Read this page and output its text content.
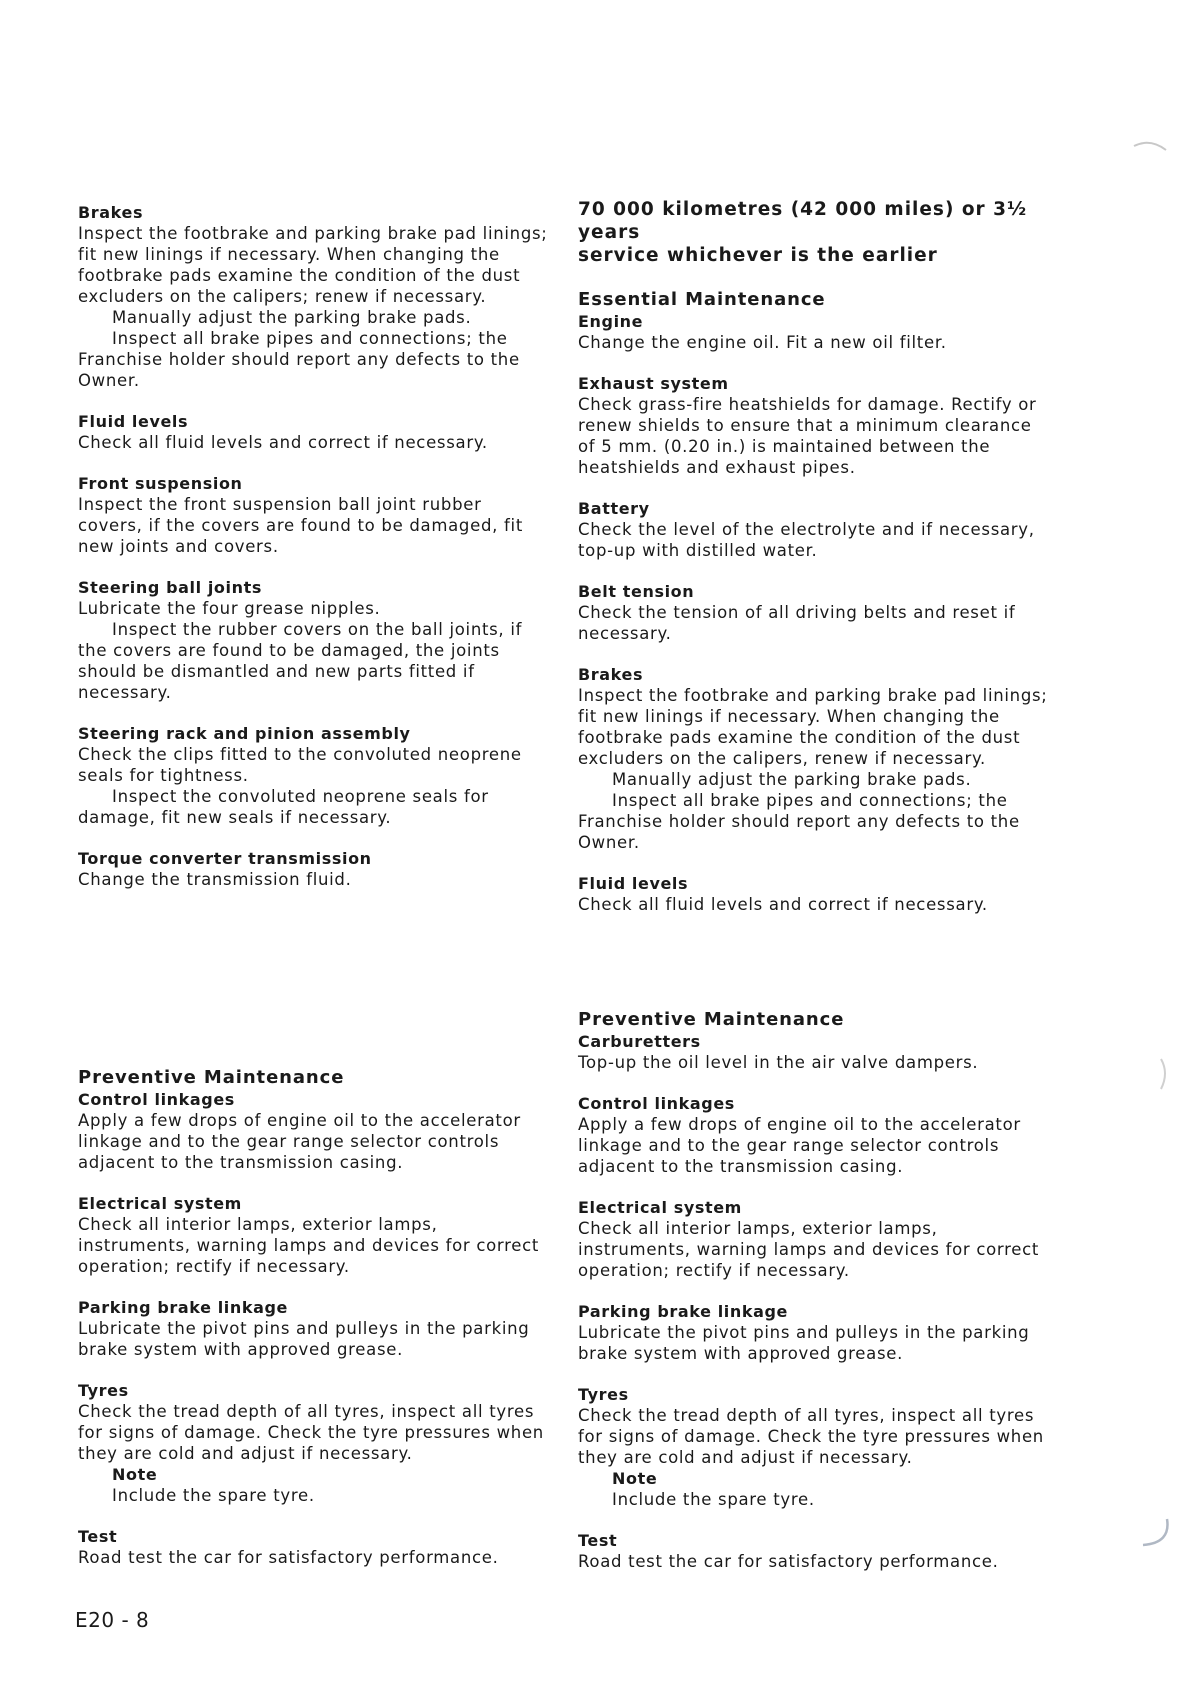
Brakes

Inspect the footbrake and parking brake pad linings; fit new linings if necessary. When changing the footbrake pads examine the condition of the dust excluders on the calipers; renew if necessary.

Manually adjust the parking brake pads.

Inspect all brake pipes and connections; the Franchise holder should report any defects to the Owner.

Fluid levels

Check all fluid levels and correct if necessary.

Front suspension

Inspect the front suspension ball joint rubber covers, if the covers are found to be damaged, fit new joints and covers.

Steering ball joints

Lubricate the four grease nipples.

Inspect the rubber covers on the ball joints, if the covers are found to be damaged, the joints should be dismantled and new parts fitted if necessary.

Steering rack and pinion assembly

Check the clips fitted to the convoluted neoprene seals for tightness.

Inspect the convoluted neoprene seals for damage, fit new seals if necessary.

Torque converter transmission

Change the transmission fluid.

Preventive Maintenance

Control linkages

Apply a few drops of engine oil to the accelerator linkage and to the gear range selector controls adjacent to the transmission casing.

Electrical system

Check all interior lamps, exterior lamps, instruments, warning lamps and devices for correct operation; rectify if necessary.

Parking brake linkage

Lubricate the pivot pins and pulleys in the parking brake system with approved grease.

Tyres

Check the tread depth of all tyres, inspect all tyres for signs of damage. Check the tyre pressures when they are cold and adjust if necessary.

Note

Include the spare tyre.

Test

Road test the car for satisfactory performance.

70 000 kilometres (42 000 miles) or 3½ years

service whichever is the earlier

Essential Maintenance

Engine

Change the engine oil. Fit a new oil filter.

Exhaust system

Check grass-fire heatshields for damage. Rectify or renew shields to ensure that a minimum clearance of 5 mm. (0.20 in.) is maintained between the heatshields and exhaust pipes.

Battery

Check the level of the electrolyte and if necessary, top-up with distilled water.

Belt tension

Check the tension of all driving belts and reset if necessary.

Brakes

Inspect the footbrake and parking brake pad linings; fit new linings if necessary. When changing the footbrake pads examine the condition of the dust excluders on the calipers, renew if necessary.

Manually adjust the parking brake pads.

Inspect all brake pipes and connections; the Franchise holder should report any defects to the Owner.

Fluid levels

Check all fluid levels and correct if necessary.

Preventive Maintenance

Carburetters

Top-up the oil level in the air valve dampers.

Control linkages

Apply a few drops of engine oil to the accelerator linkage and to the gear range selector controls adjacent to the transmission casing.

Electrical system

Check all interior lamps, exterior lamps, instruments, warning lamps and devices for correct operation; rectify if necessary.

Parking brake linkage

Lubricate the pivot pins and pulleys in the parking brake system with approved grease.

Tyres

Check the tread depth of all tyres, inspect all tyres for signs of damage. Check the tyre pressures when they are cold and adjust if necessary.

Note

Include the spare tyre.

Test

Road test the car for satisfactory performance.

E20 - 8
